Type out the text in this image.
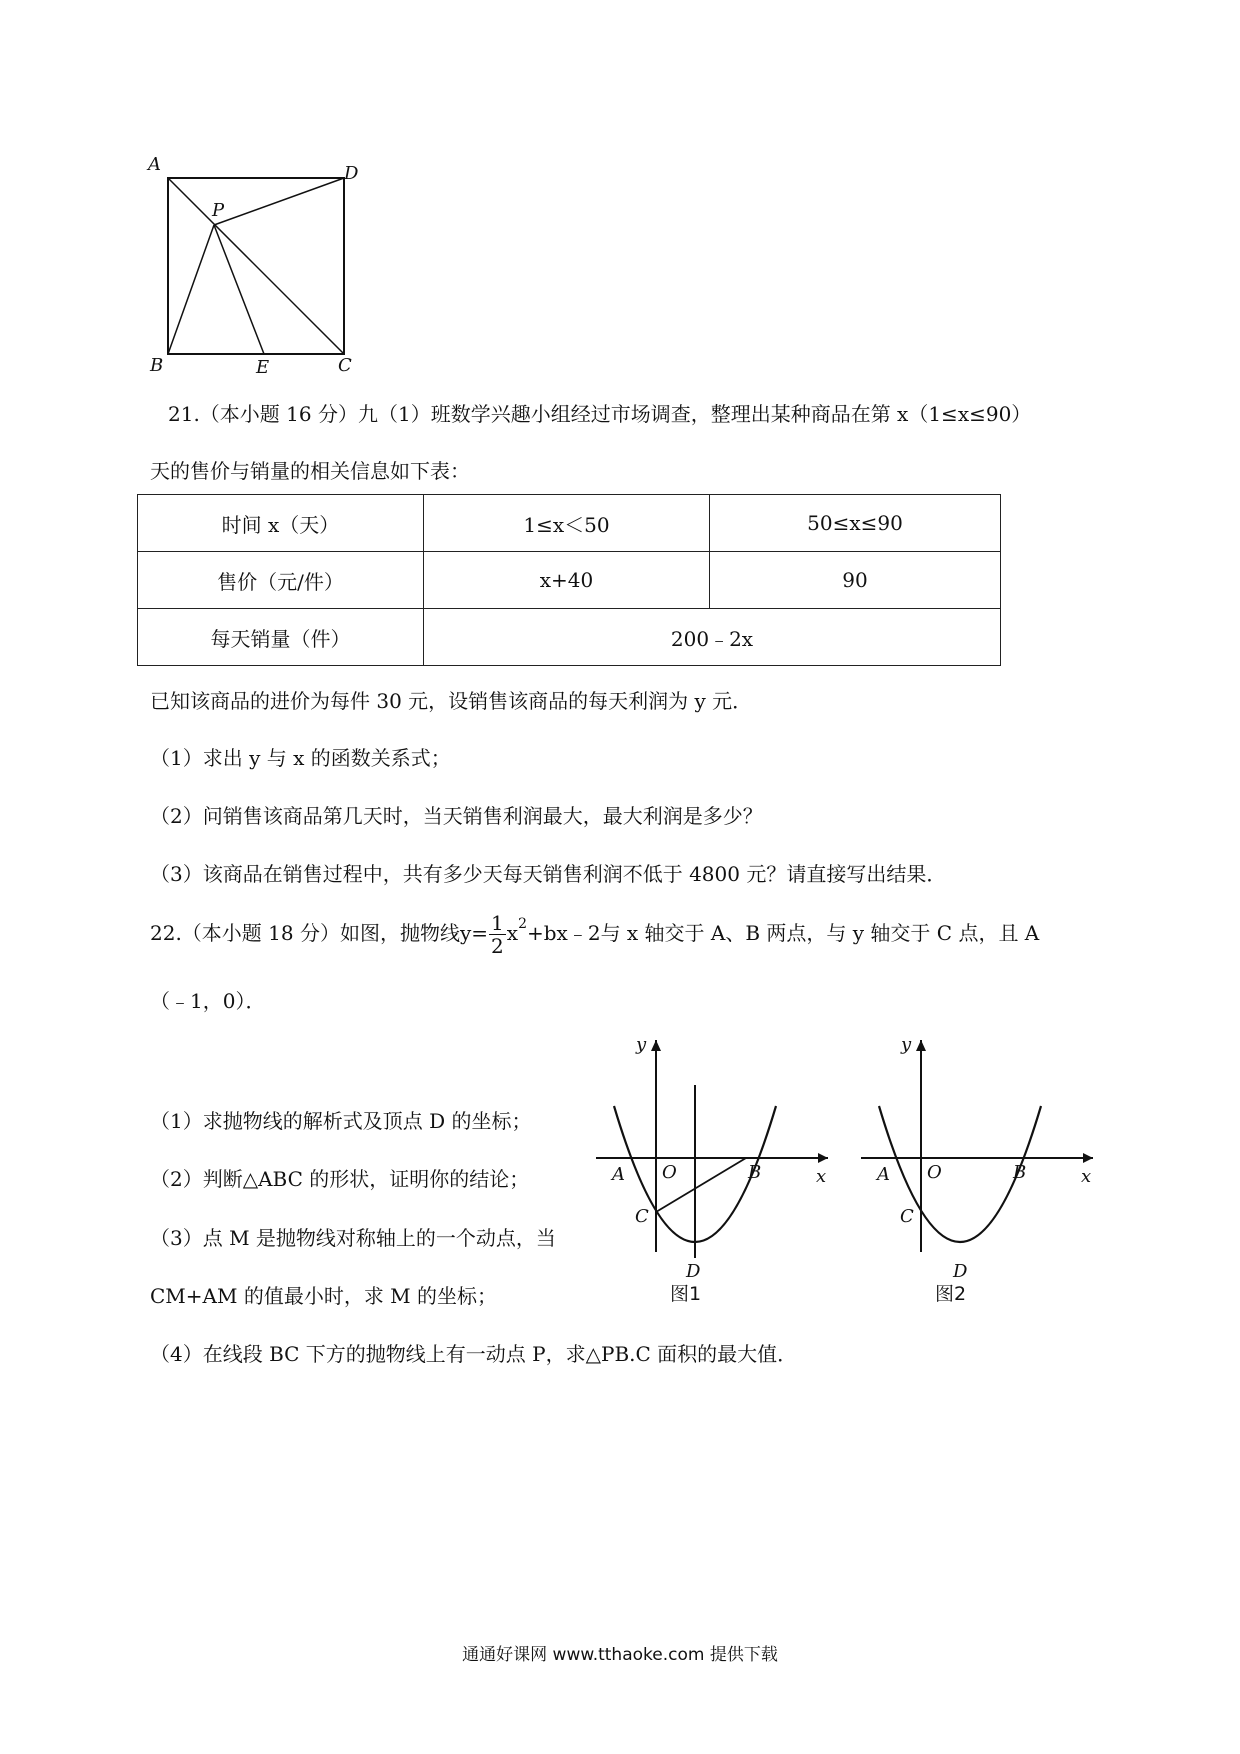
A	D
P
B	E	C
21.（本小题 16 分）九（1）班数学兴趣小组经过市场调查，整理出某种商品在第 x（1≤x≤90）
天的售价与销量的相关信息如下表：
时间 x（天）	1≤x＜50	50≤x≤90
售价（元/件）	x+40	90
每天销量（件）	200﹣2x	
已知该商品的进价为每件 30 元，设销售该商品的每天利润为 y 元．
（1）求出 y 与 x 的函数关系式；
（2）问销售该商品第几天时，当天销售利润最大，最大利润是多少？
（3）该商品在销售过程中，共有多少天每天销售利润不低于 4800 元？请直接写出结果．
22.（本小题 18 分）如图，抛物线$y= \frac{1}{2}$ $x^2+bx﹣2$与 x 轴交于 A、B 两点，与 y 轴交于 C 点，且 A
（﹣1，0）．
（1）求抛物线的解析式及顶点 D 的坐标；
（2）判断△ABC 的形状，证明你的结论；
（3）点 M 是抛物线对称轴上的一个动点，当
CM+AM 的值最小时，求 M 的坐标；
（4）在线段 BC 下方的抛物线上有一动点 P，求△PB.C 面积的最大值．
y
x
A O	B
C
D
图1
y
x
A O	B
C
D
图2
通通好课网 www.tthaoke.com 提供下载
